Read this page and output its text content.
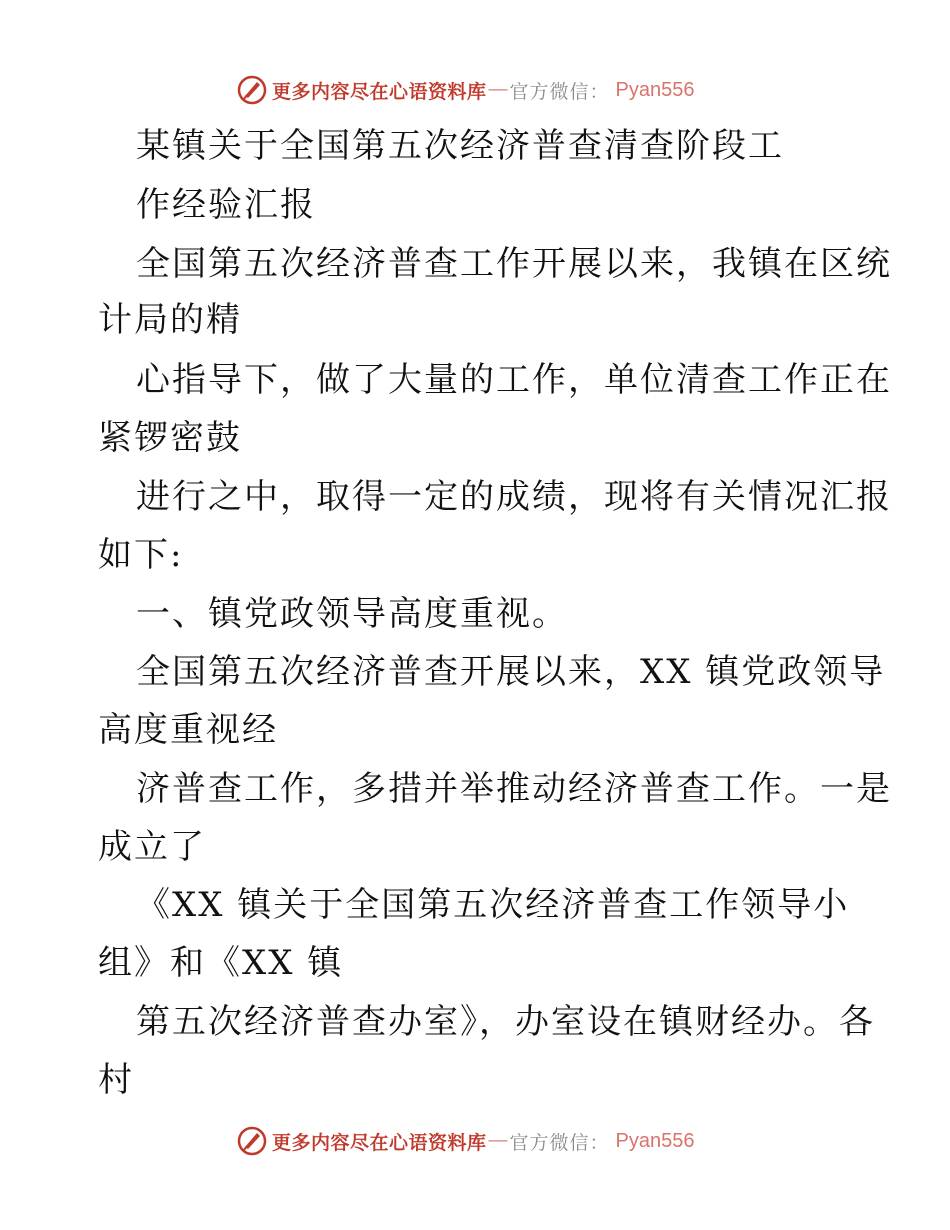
更多内容尽在心语资料库 — 官方微信： Pyan556
某镇关于全国第五次经济普查清查阶段工
作经验汇报
全国第五次经济普查工作开展以来，我镇在区统
计局的精
心指导下，做了大量的工作，单位清查工作正在
紧锣密鼓
进行之中，取得一定的成绩，现将有关情况汇报
如下:
一、镇党政领导高度重视。
全国第五次经济普查开展以来，XX 镇党政领导
高度重视经
济普查工作，多措并举推动经济普查工作。一是
成立了
《XX 镇关于全国第五次经济普查工作领导小
组》和《XX 镇
第五次经济普查办室》，办室设在镇财经办。各
村
更多内容尽在心语资料库 — 官方微信： Pyan556
